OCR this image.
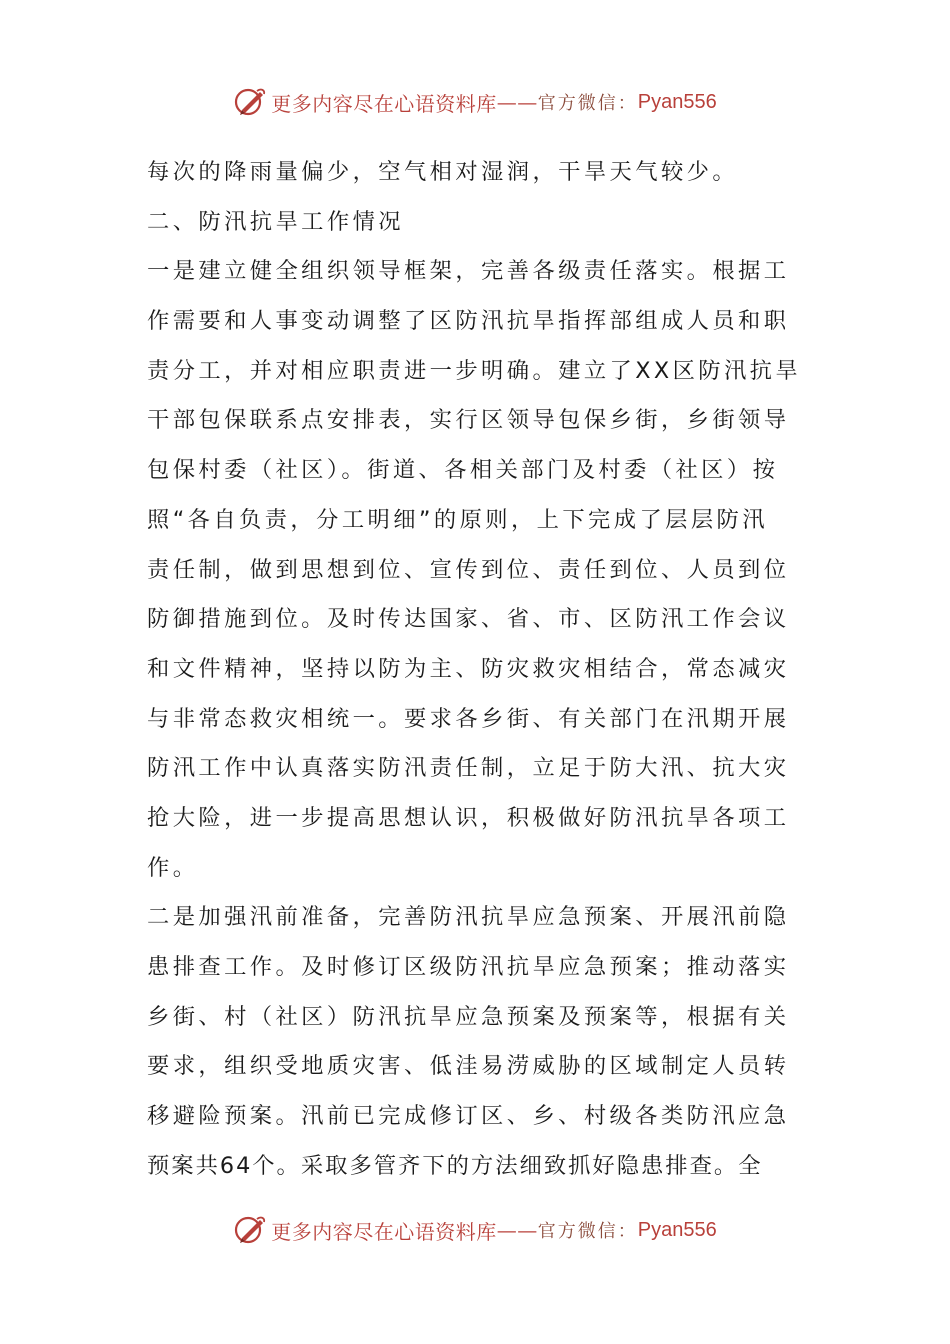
更多内容尽在心语资料库 —— 官方微信： Pyan556
每次的降雨量偏少，空气相对湿润，干旱天气较少。
二、防汛抗旱工作情况
一是建立健全组织领导框架，完善各级责任落实。根据工
作需要和人事变动调整了区防汛抗旱指挥部组成人员和职
责分工，并对相应职责进一步明确。建立了XX区防汛抗旱
干部包保联系点安排表，实行区领导包保乡街，乡街领导
包保村委（社区）。街道、各相关部门及村委（社区）按
照“各自负责，分工明细”的原则，上下完成了层层防汛
责任制，做到思想到位、宣传到位、责任到位、人员到位
防御措施到位。及时传达国家、省、市、区防汛工作会议
和文件精神，坚持以防为主、防灾救灾相结合，常态减灾
与非常态救灾相统一。要求各乡街、有关部门在汛期开展
防汛工作中认真落实防汛责任制，立足于防大汛、抗大灾
抢大险，进一步提高思想认识，积极做好防汛抗旱各项工
作。
二是加强汛前准备，完善防汛抗旱应急预案、开展汛前隐
患排查工作。及时修订区级防汛抗旱应急预案；推动落实
乡街、村（社区）防汛抗旱应急预案及预案等，根据有关
要求，组织受地质灾害、低洼易涝威胁的区域制定人员转
移避险预案。汛前已完成修订区、乡、村级各类防汛应急
预案共64个。采取多管齐下的方法细致抓好隐患排查。全
更多内容尽在心语资料库 —— 官方微信： Pyan556
